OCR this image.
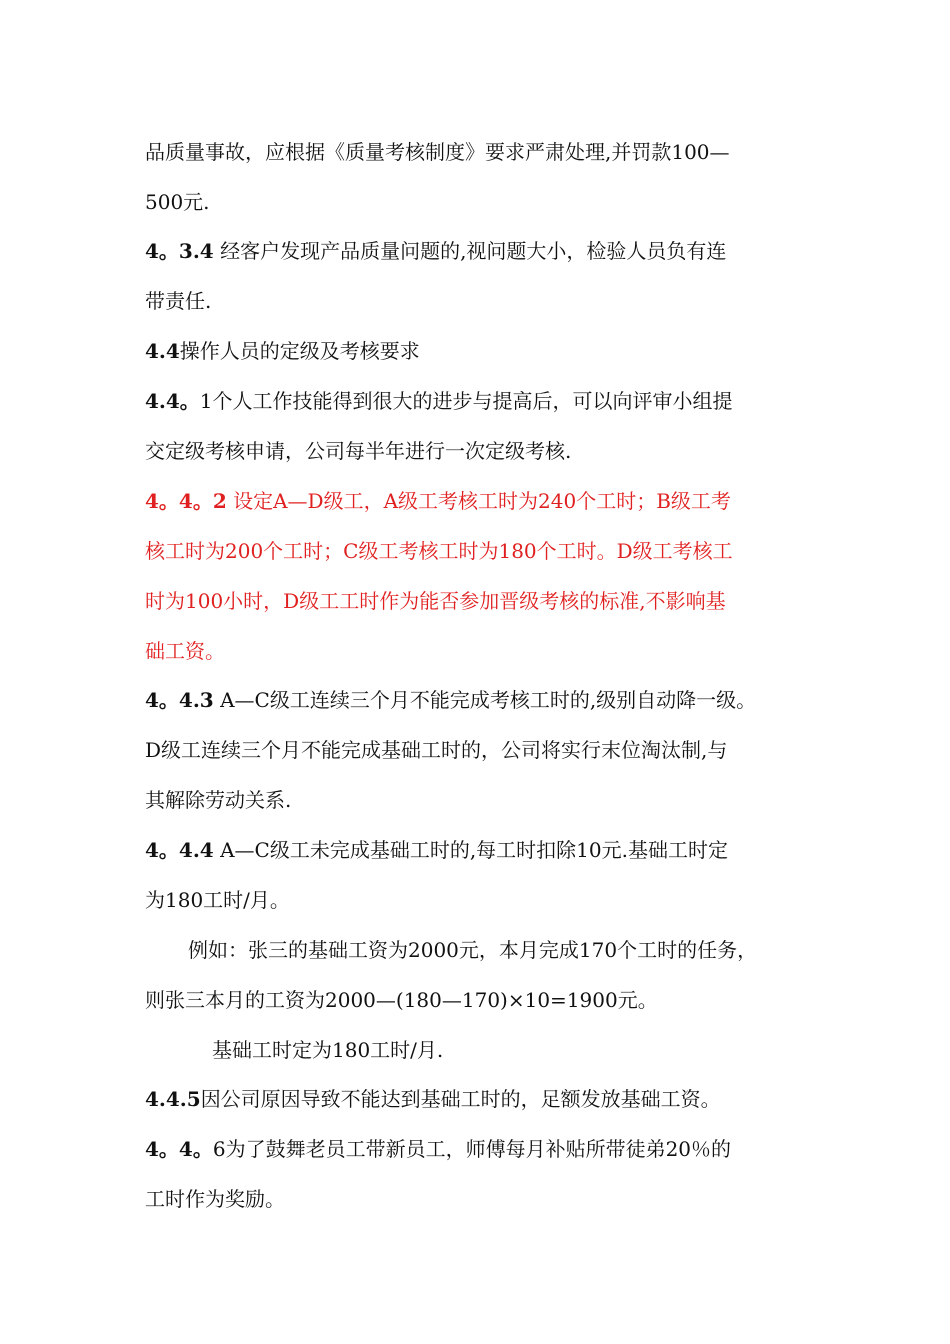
品质量事故，应根据《质量考核制度》要求严肃处理,并罚款100—
500元.
4。3.4 经客户发现产品质量问题的,视问题大小，检验人员负有连
带责任.
4.4操作人员的定级及考核要求
4.4。1个人工作技能得到很大的进步与提高后，可以向评审小组提
交定级考核申请，公司每半年进行一次定级考核.
4。4。2 设定A—D级工，A级工考核工时为240个工时；B级工考
核工时为200个工时；C级工考核工时为180个工时。D级工考核工
时为100小时，D级工工时作为能否参加晋级考核的标准,不影响基
础工资。
4。4.3 A—C级工连续三个月不能完成考核工时的,级别自动降一级。
D级工连续三个月不能完成基础工时的，公司将实行末位淘汰制,与
其解除劳动关系.
4。4.4 A—C级工未完成基础工时的,每工时扣除10元.基础工时定
为180工时/月。
例如：张三的基础工资为2000元，本月完成170个工时的任务，
则张三本月的工资为2000—(180—170)×10=1900元。
基础工时定为180工时/月.
4.4.5因公司原因导致不能达到基础工时的，足额发放基础工资。
4。4。6为了鼓舞老员工带新员工，师傅每月补贴所带徒弟20％的
工时作为奖励。
